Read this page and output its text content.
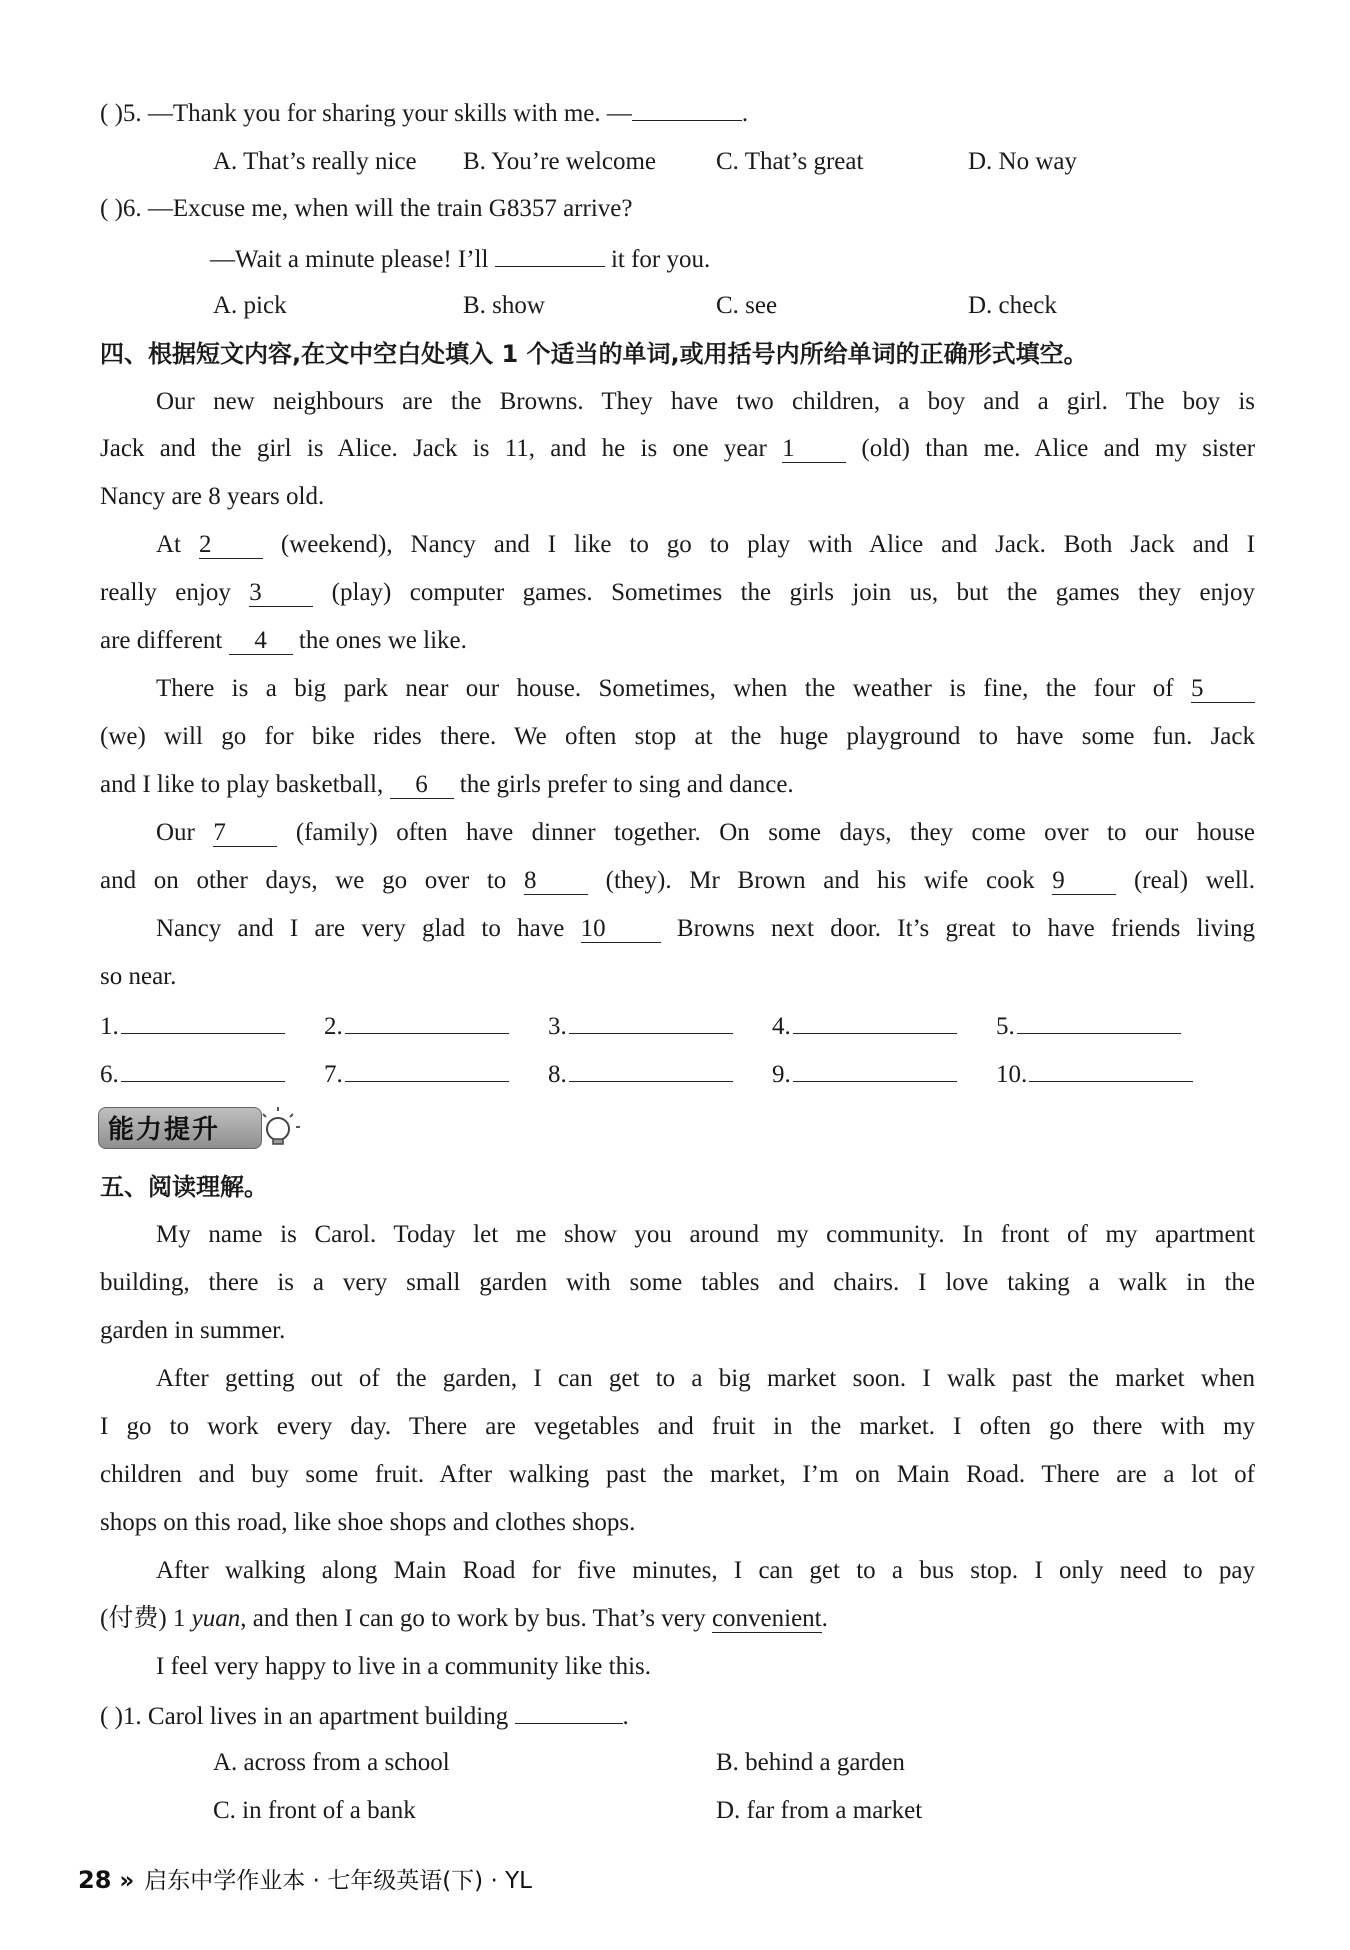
( )5. —Thank you for sharing your skills with me. —	.
A. That’s really nice B. You’re welcome C. That’s great	D. No way
( )6. —Excuse me, when will the train G8357 arrive?
—Wait a minute please! I’ll	it for you.
A. pick	B. show	C. see	D. check
四、根据短文内容,在文中空白处填入 1 个适当的单词,或用括号内所给单词的正确形式填空。
Our new neighbours are the Browns. They have two children, a boy and a girl. The boy is
Jack and the girl is Alice. Jack is 11, and he is one year 1	(old) than me. Alice and my sister
Nancy are 8 years old.
At 2	(weekend), Nancy and I like to go to play with Alice and Jack. Both Jack and I
really enjoy 3	(play) computer games. Sometimes the girls join us, but the games they enjoy
are different 4 the ones we like.
There is a big park near our house. Sometimes, when the weather is fine, the four of 5
(we) will go for bike rides there. We often stop at the huge playground to have some fun. Jack
and I like to play basketball, 6 the girls prefer to sing and dance.
Our 7	(family) often have dinner together. On some days, they come over to our house
and on other days, we go over to 8	(they). Mr Brown and his wife cook 9	(real) well.
Nancy and I are very glad to have 10	Browns next door. It’s great to have friends living
so near.
1.	2.	3.	4.	5.
6.	7.	8.	9.	10.
能力提升
五、阅读理解。
My name is Carol. Today let me show you around my community. In front of my apartment
building, there is a very small garden with some tables and chairs. I love taking a walk in the
garden in summer.
After getting out of the garden, I can get to a big market soon. I walk past the market when
I go to work every day. There are vegetables and fruit in the market. I often go there with my
children and buy some fruit. After walking past the market, I’m on Main Road. There are a lot of
shops on this road, like shoe shops and clothes shops.
After walking along Main Road for five minutes, I can get to a bus stop. I only need to pay
(付费) 1 yuan, and then I can go to work by bus. That’s very convenient.
I feel very happy to live in a community like this.
( )1. Carol lives in an apartment building	.
A. across from a school	B. behind a garden
C. in front of a bank	D. far from a market
28 » 启东中学作业本 · 七年级英语(下) · YL
